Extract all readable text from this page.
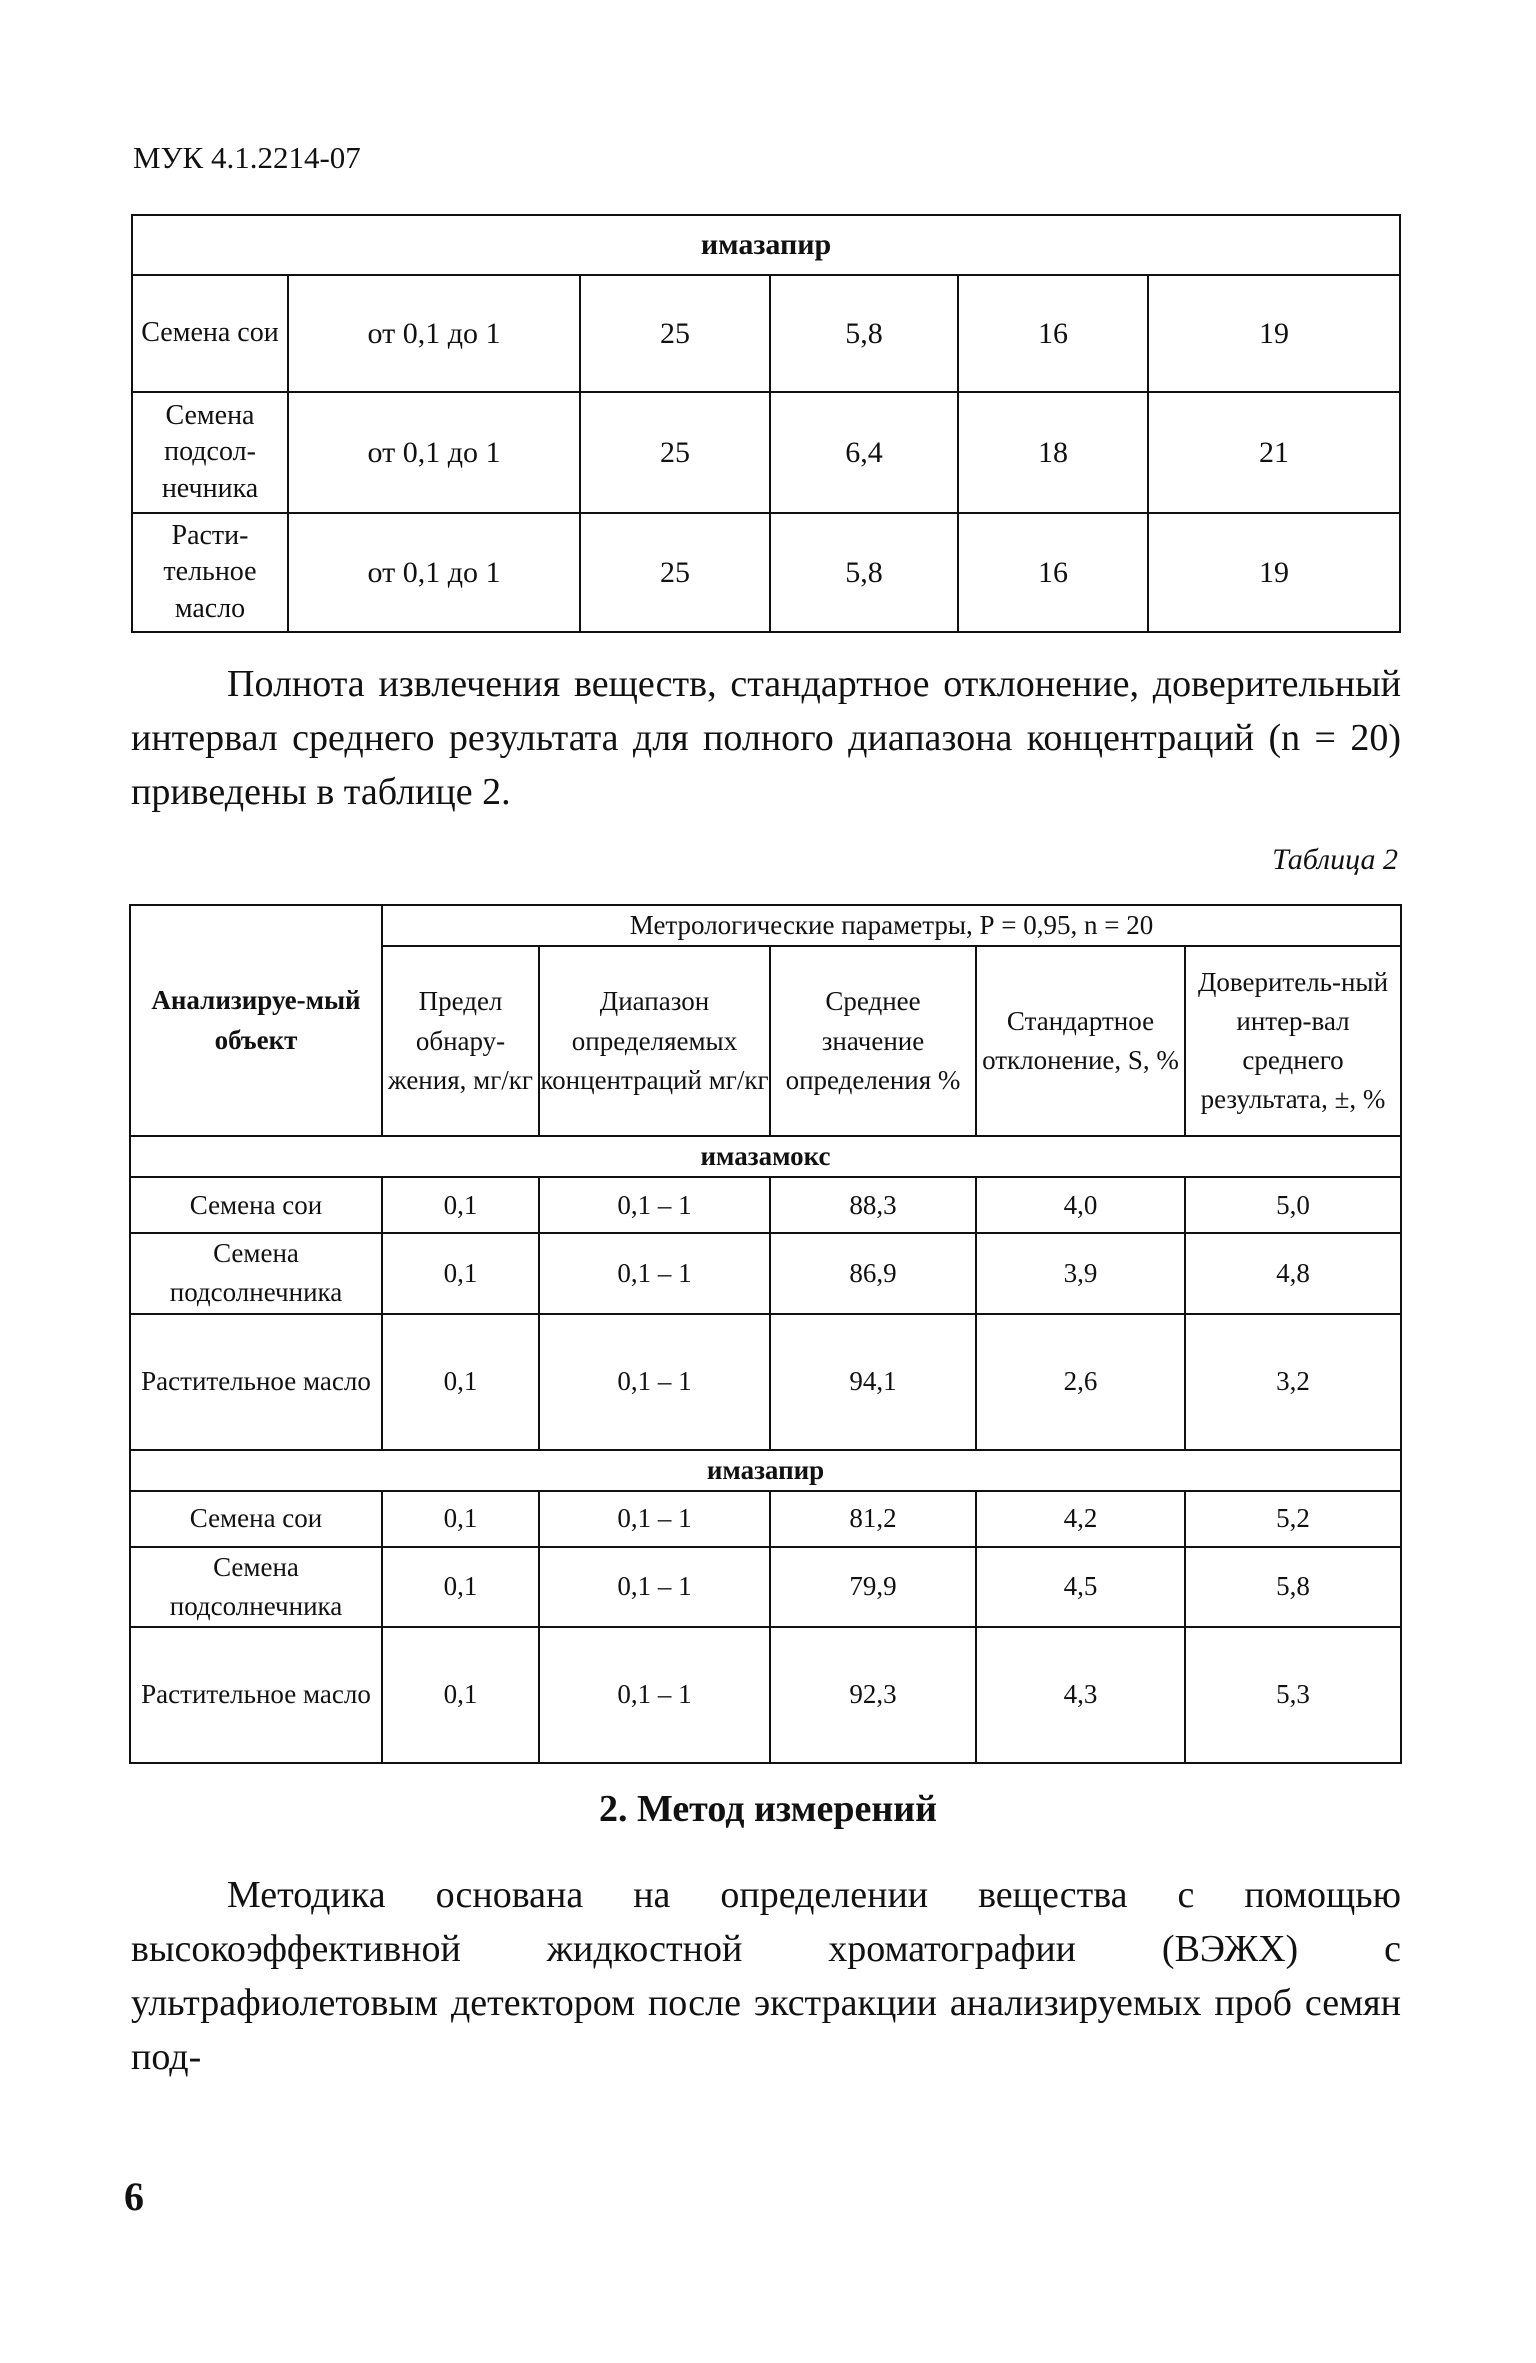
МУК 4.1.2214-07
имазапир					
Семена сои	от 0,1 до 1	25	5,8	16	19
Семена подсол-нечника	от 0,1 до 1	25	6,4	18	21
Расти-тельное масло	от 0,1 до 1	25	5,8	16	19

Полнота извлечения веществ, стандартное отклонение, доверительный интервал среднего результата для полного диапазона концентраций (n = 20) приведены в таблице 2.

Таблица 2
Анализируе-мый объект	Метрологические параметры, Р = 0,95, n = 20				
	Предел обнару-жения, мг/кг	Диапазон определяемых концентраций мг/кг	Среднее значение определения %	Стандартное отклонение, S, %	Доверитель-ный интер-вал среднего результата, ±, %
имазамокс					
Семена сои	0,1	0,1 – 1	88,3	4,0	5,0
Семена подсолнечника	0,1	0,1 – 1	86,9	3,9	4,8
Растительное масло	0,1	0,1 – 1	94,1	2,6	3,2
имазапир					
Семена сои	0,1	0,1 – 1	81,2	4,2	5,2
Семена подсолнечника	0,1	0,1 – 1	79,9	4,5	5,8
Растительное масло	0,1	0,1 – 1	92,3	4,3	5,3
2. Метод измерений

Методика основана на определении вещества с помощью высокоэффективной жидкостной хроматографии (ВЭЖХ) с ультрафиолетовым детектором после экстракции анализируемых проб семян под-

6
